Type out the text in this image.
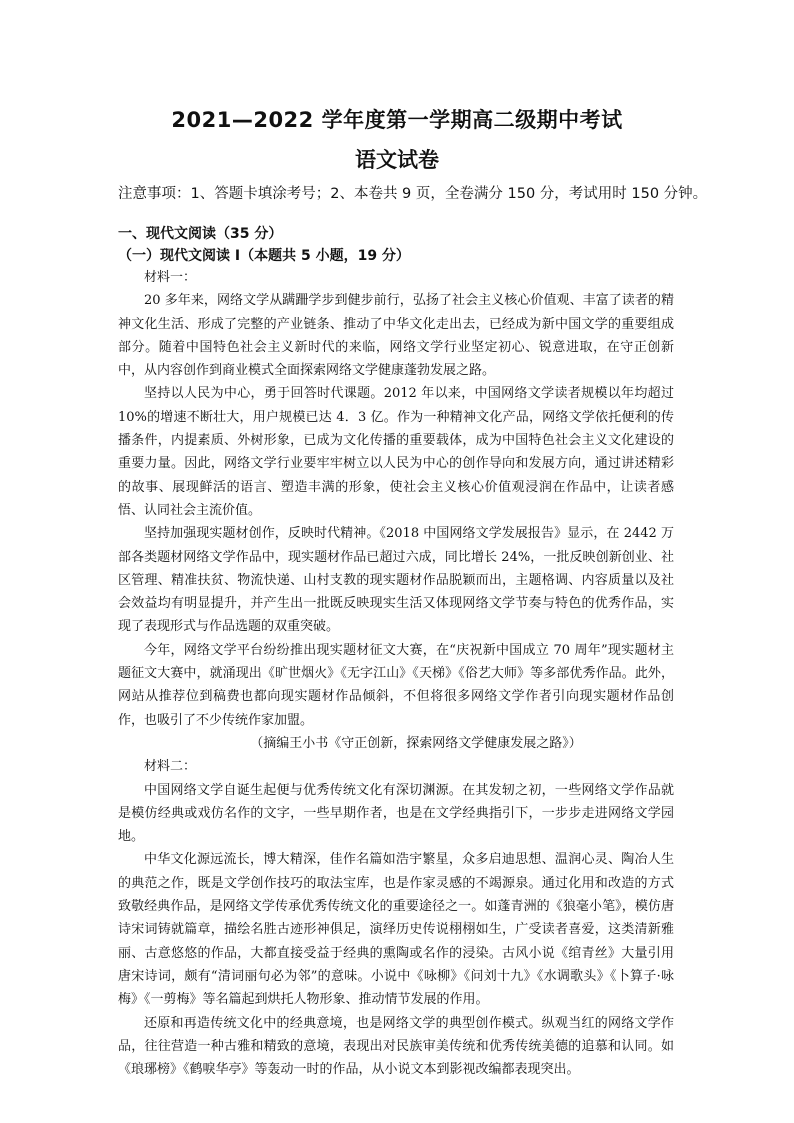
2021—2022 学年度第一学期高二级期中考试
语文试卷
注意事项：1、答题卡填涂考号；2、本卷共 9 页，全卷满分 150 分，考试用时 150 分钟。
一、现代文阅读（35 分）
（一）现代文阅读 I（本题共 5 小题，19 分）

材料一：

20 多年来，网络文学从蹒跚学步到健步前行，弘扬了社会主义核心价值观、丰富了读者的精神文化生活、形成了完整的产业链条、推动了中华文化走出去，已经成为新中国文学的重要组成部分。随着中国特色社会主义新时代的来临，网络文学行业坚定初心、锐意进取，在守正创新中，从内容创作到商业模式全面探索网络文学健康蓬勃发展之路。

坚持以人民为中心，勇于回答时代课题。2012 年以来，中国网络文学读者规模以年均超过 10%的增速不断壮大，用户规模已达 4．3 亿。作为一种精神文化产品，网络文学依托便利的传播条件，内提素质、外树形象，已成为文化传播的重要载体，成为中国特色社会主义文化建设的重要力量。因此，网络文学行业要牢牢树立以人民为中心的创作导向和发展方向，通过讲述精彩的故事、展现鲜活的语言、塑造丰满的形象，使社会主义核心价值观浸润在作品中，让读者感悟、认同社会主流价值。

坚持加强现实题材创作，反映时代精神。《2018 中国网络文学发展报告》显示，在 2442 万部各类题材网络文学作品中，现实题材作品已超过六成，同比增长 24%，一批反映创新创业、社区管理、精准扶贫、物流快递、山村支教的现实题材作品脱颖而出，主题格调、内容质量以及社会效益均有明显提升，并产生出一批既反映现实生活又体现网络文学节奏与特色的优秀作品，实现了表现形式与作品选题的双重突破。

今年，网络文学平台纷纷推出现实题材征文大赛，在“庆祝新中国成立 70 周年”现实题材主题征文大赛中，就涌现出《旷世烟火》《无字江山》《天梯》《俗艺大师》等多部优秀作品。此外，网站从推荐位到稿费也都向现实题材作品倾斜，不但将很多网络文学作者引向现实题材作品创作，也吸引了不少传统作家加盟。

（摘编王小书《守正创新，探索网络文学健康发展之路》）

材料二：

中国网络文学自诞生起便与优秀传统文化有深切渊源。在其发轫之初，一些网络文学作品就是模仿经典或戏仿名作的文字，一些早期作者，也是在文学经典指引下，一步步走进网络文学园地。

中华文化源远流长，博大精深，佳作名篇如浩宇繁星，众多启迪思想、温润心灵、陶冶人生的典范之作，既是文学创作技巧的取法宝库，也是作家灵感的不竭源泉。通过化用和改造的方式致敬经典作品，是网络文学传承优秀传统文化的重要途径之一。如蓬青洲的《狼毫小笔》，模仿唐诗宋词铸就篇章，描绘名胜古迹形神俱足，演绎历史传说栩栩如生，广受读者喜爱，这类清新雅丽、古意悠悠的作品，大都直接受益于经典的熏陶或名作的浸染。古风小说《绾青丝》大量引用唐宋诗词，颇有“清词丽句必为邻”的意味。小说中《咏柳》《问刘十九》《水调歌头》《卜算子·咏梅》《一剪梅》等名篇起到烘托人物形象、推动情节发展的作用。

还原和再造传统文化中的经典意境，也是网络文学的典型创作模式。纵观当红的网络文学作品，往往营造一种古雅和精致的意境，表现出对民族审美传统和优秀传统美德的追慕和认同。如《琅琊榜》《鹤唳华亭》等轰动一时的作品，从小说文本到影视改编都表现突出。
